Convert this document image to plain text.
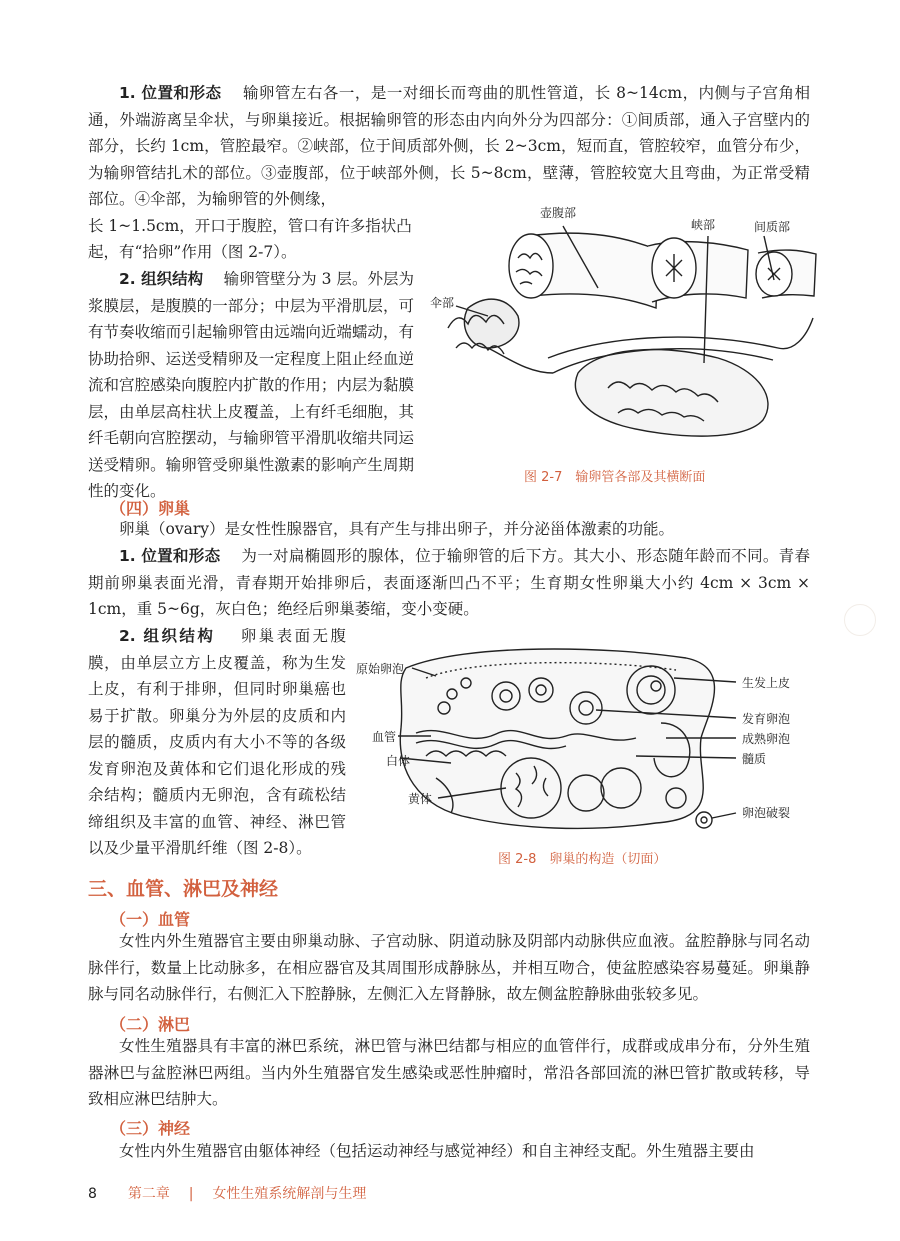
1. 位置和形态 　 输卵管左右各一，是一对细长而弯曲的肌性管道，长 8~14cm，内侧与子宫角相通，外端游离呈伞状，与卵巢接近。根据输卵管的形态由内向外分为四部分：①间质部，通入子宫壁内的部分，长约 1cm，管腔最窄。②峡部，位于间质部外侧，长 2~3cm，短而直，管腔较窄，血管分布少，为输卵管结扎术的部位。③壶腹部，位于峡部外侧，长 5~8cm，壁薄，管腔较宽大且弯曲，为正常受精部位。④伞部，为输卵管的外侧缘，

长 1~1.5cm，开口于腹腔，管口有许多指状凸

起，有“拾卵”作用（图 2-7）。

2. 组织结构 　 输卵管壁分为 3 层。外层为浆膜层，是腹膜的一部分；中层为平滑肌层，可有节奏收缩而引起输卵管由远端向近端蠕动，有协助拾卵、运送受精卵及一定程度上阻止经血逆流和宫腔感染向腹腔内扩散的作用；内层为黏膜层，由单层高柱状上皮覆盖，上有纤毛细胞，其纤毛朝向宫腔摆动，与输卵管平滑肌收缩共同运送受精卵。输卵管受卵巢性激素的影响产生周期性的变化。

壶腹部
峡部	间质部
伞部
图 2-7　输卵管各部及其横断面
（四）卵巢

卵巢（ovary）是女性性腺器官，具有产生与排出卵子，并分泌甾体激素的功能。

1. 位置和形态 　 为一对扁椭圆形的腺体，位于输卵管的后下方。其大小、形态随年龄而不同。青春期前卵巢表面光滑，青春期开始排卵后，表面逐渐凹凸不平；生育期女性卵巢大小约 4cm × 3cm × 1cm，重 5~6g，灰白色；绝经后卵巢萎缩，变小变硬。

2. 组织结构 　 卵巢表面无腹膜，由单层立方上皮覆盖，称为生发上皮，有利于排卵，但同时卵巢癌也易于扩散。卵巢分为外层的皮质和内层的髓质，皮质内有大小不等的各级发育卵泡及黄体和它们退化形成的残余结构；髓质内无卵泡，含有疏松结缔组织及丰富的血管、神经、淋巴管以及少量平滑肌纤维（图 2-8）。

原始卵泡
血管
白体
黄体
生发上皮
发育卵泡
成熟卵泡
髓质
卵泡破裂
图 2-8　卵巢的构造（切面）
三、血管、淋巴及神经
（一）血管

女性内外生殖器官主要由卵巢动脉、子宫动脉、阴道动脉及阴部内动脉供应血液。盆腔静脉与同名动脉伴行，数量上比动脉多，在相应器官及其周围形成静脉丛，并相互吻合，使盆腔感染容易蔓延。卵巢静脉与同名动脉伴行，右侧汇入下腔静脉，左侧汇入左肾静脉，故左侧盆腔静脉曲张较多见。

（二）淋巴

女性生殖器具有丰富的淋巴系统，淋巴管与淋巴结都与相应的血管伴行，成群或成串分布，分外生殖器淋巴与盆腔淋巴两组。当内外生殖器官发生感染或恶性肿瘤时，常沿各部回流的淋巴管扩散或转移，导致相应淋巴结肿大。

（三）神经

女性内外生殖器官由躯体神经（包括运动神经与感觉神经）和自主神经支配。外生殖器主要由

8 第二章 | 女性生殖系统解剖与生理
